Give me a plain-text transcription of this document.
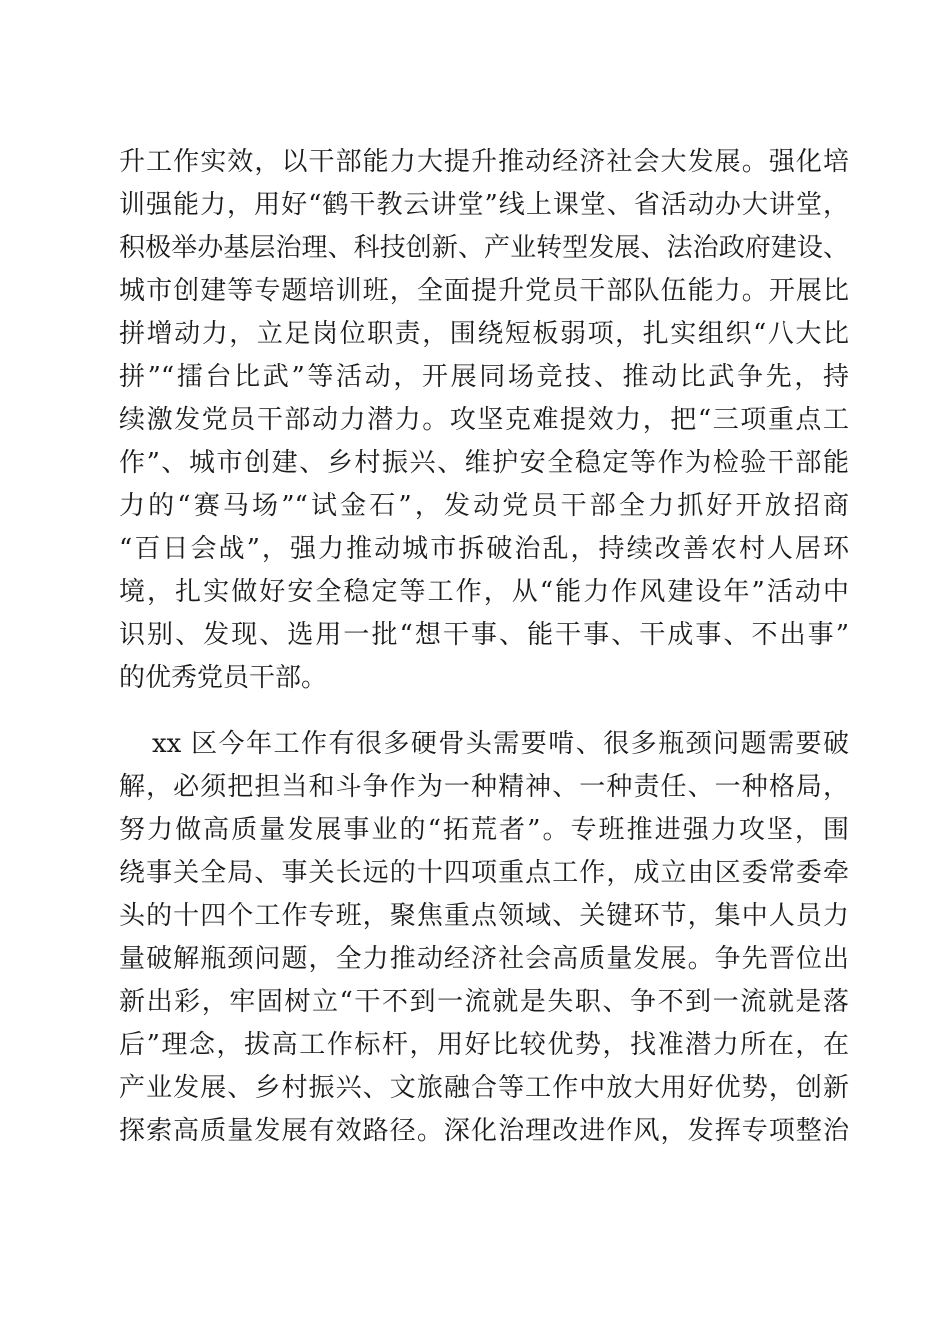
升工作实效，以干部能力大提升推动经济社会大发展。强化培
训强能力，用好“鹤干教云讲堂”线上课堂、省活动办大讲堂，
积极举办基层治理、科技创新、产业转型发展、法治政府建设、
城市创建等专题培训班，全面提升党员干部队伍能力。开展比
拼增动力，立足岗位职责，围绕短板弱项，扎实组织“八大比
拼”“擂台比武”等活动，开展同场竞技、推动比武争先，持
续激发党员干部动力潜力。攻坚克难提效力，把“三项重点工
作”、城市创建、乡村振兴、维护安全稳定等作为检验干部能
力的“赛马场”“试金石”，发动党员干部全力抓好开放招商
“百日会战”，强力推动城市拆破治乱，持续改善农村人居环
境，扎实做好安全稳定等工作，从“能力作风建设年”活动中
识别、发现、选用一批“想干事、能干事、干成事、不出事”
的优秀党员干部。
xx 区今年工作有很多硬骨头需要啃、很多瓶颈问题需要破
解，必须把担当和斗争作为一种精神、一种责任、一种格局，
努力做高质量发展事业的“拓荒者”。专班推进强力攻坚，围
绕事关全局、事关长远的十四项重点工作，成立由区委常委牵
头的十四个工作专班，聚焦重点领域、关键环节，集中人员力
量破解瓶颈问题，全力推动经济社会高质量发展。争先晋位出
新出彩，牢固树立“干不到一流就是失职、争不到一流就是落
后”理念，拔高工作标杆，用好比较优势，找准潜力所在，在
产业发展、乡村振兴、文旅融合等工作中放大用好优势，创新
探索高质量发展有效路径。深化治理改进作风，发挥专项整治
